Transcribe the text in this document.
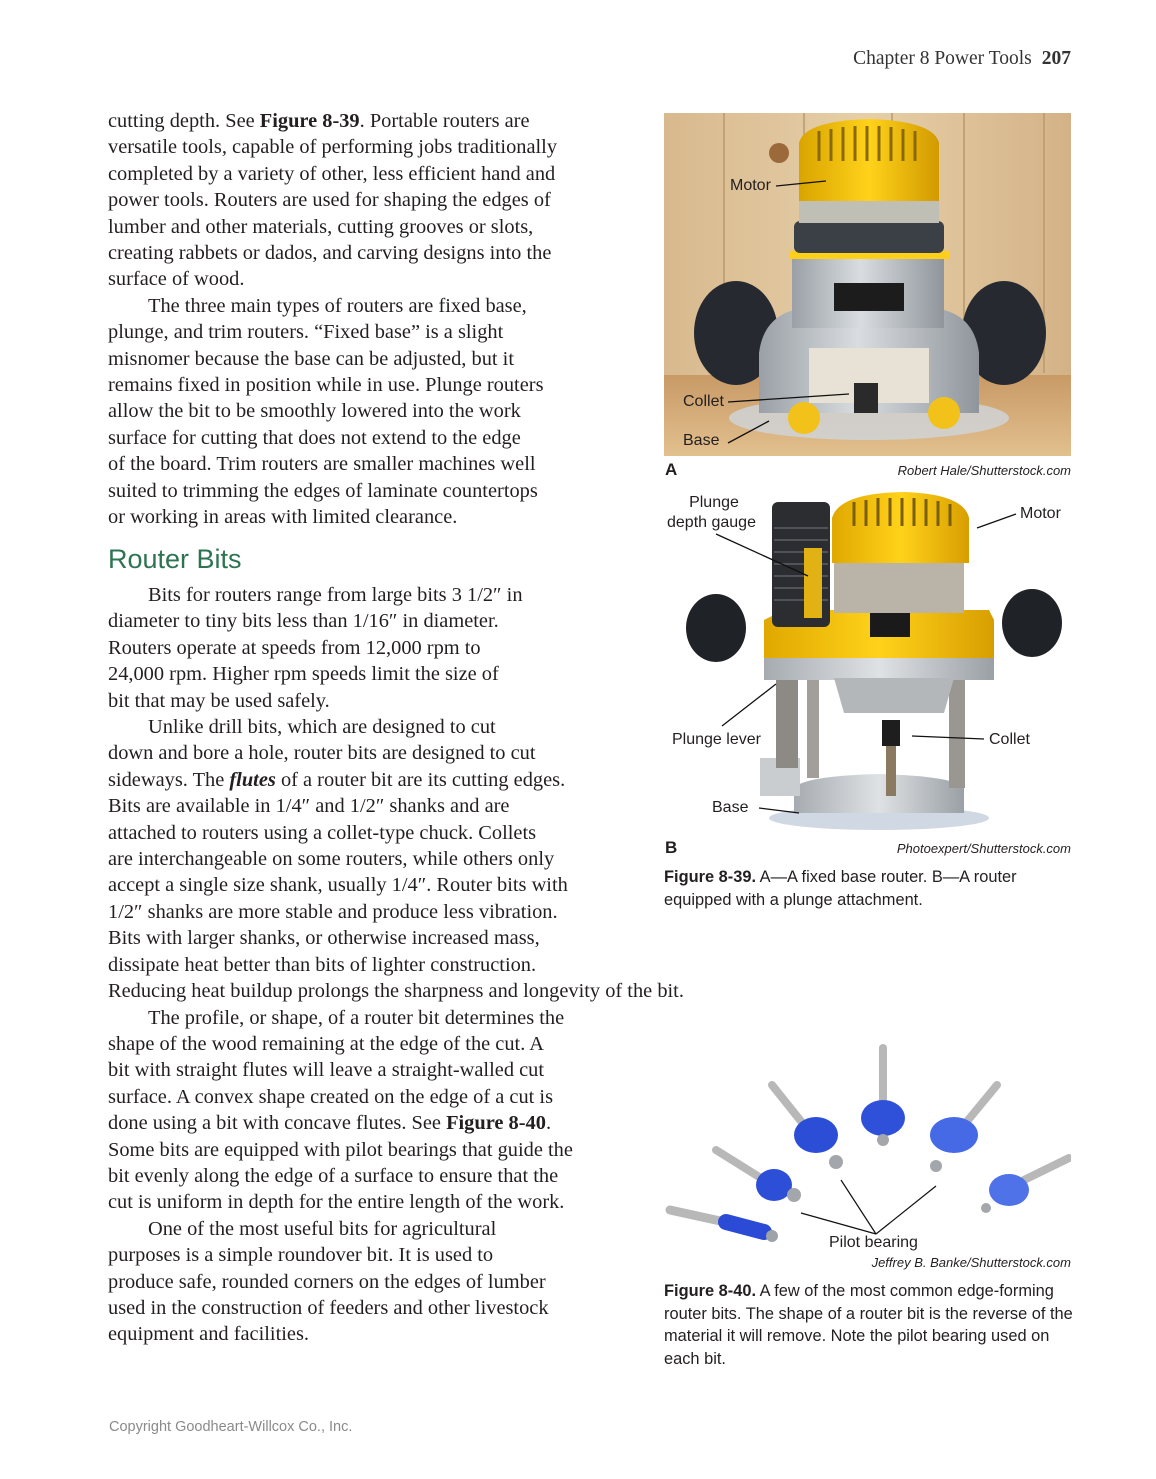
Chapter 8 Power Tools 207

cutting depth. See Figure 8-39. Portable routers are
versatile tools, capable of performing jobs traditionally
completed by a variety of other, less efficient hand and
power tools. Routers are used for shaping the edges of
lumber and other materials, cutting grooves or slots,
creating rabbets or dados, and carving designs into the
surface of wood.

The three main types of routers are fixed base,
plunge, and trim routers. “Fixed base” is a slight
misnomer because the base can be adjusted, but it
remains fixed in position while in use. Plunge routers
allow the bit to be smoothly lowered into the work
surface for cutting that does not extend to the edge
of the board. Trim routers are smaller machines well
suited to trimming the edges of laminate countertops
or working in areas with limited clearance.

Router Bits

Bits for routers range from large bits 3 1/2″ in
diameter to tiny bits less than 1/16″ in diameter.
Routers operate at speeds from 12,000 rpm to
24,000 rpm. Higher rpm speeds limit the size of
bit that may be used safely.

Unlike drill bits, which are designed to cut
down and bore a hole, router bits are designed to cut
sideways. The flutes of a router bit are its cutting edges.
Bits are available in 1/4″ and 1/2″ shanks and are
attached to routers using a collet-type chuck. Collets
are interchangeable on some routers, while others only
accept a single size shank, usually 1/4″. Router bits with
1/2″ shanks are more stable and produce less vibration.
Bits with larger shanks, or otherwise increased mass,
dissipate heat better than bits of lighter construction.
Reducing heat buildup prolongs the sharpness and longevity of the bit.

The profile, or shape, of a router bit determines the
shape of the wood remaining at the edge of the cut. A
bit with straight flutes will leave a straight-walled cut
surface. A convex shape created on the edge of a cut is
done using a bit with concave flutes. See Figure 8-40.
Some bits are equipped with pilot bearings that guide the
bit evenly along the edge of a surface to ensure that the
cut is uniform in depth for the entire length of the work.

One of the most useful bits for agricultural
purposes is a simple roundover bit. It is used to
produce safe, rounded corners on the edges of lumber
used in the construction of feeders and other livestock
equipment and facilities.

Motor
Collet
Base
A	Robert Hale/Shutterstock.com
Plunge
depth gauge
Motor
Plunge lever	Collet
Base
B	Photoexpert/Shutterstock.com
Figure 8-39. A—A fixed base router. B—A router equipped with a plunge attachment.
Pilot bearing
Jeffrey B. Banke/Shutterstock.com
Figure 8-40. A few of the most common edge-forming router bits. The shape of a router bit is the reverse of the material it will remove. Note the pilot bearing used on each bit.
Copyright Goodheart-Willcox Co., Inc.
